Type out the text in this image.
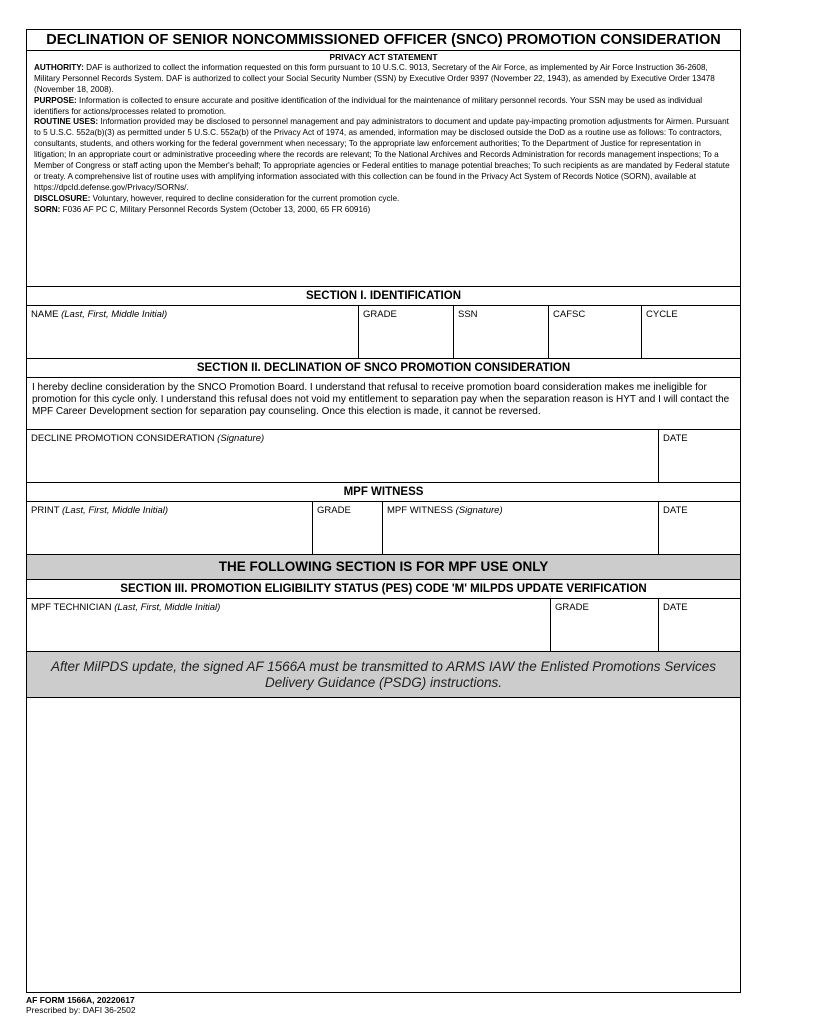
DECLINATION OF SENIOR NONCOMMISSIONED OFFICER (SNCO) PROMOTION CONSIDERATION
PRIVACY ACT STATEMENT
AUTHORITY: DAF is authorized to collect the information requested on this form pursuant to 10 U.S.C. 9013, Secretary of the Air Force, as implemented by Air Force Instruction 36-2608, Military Personnel Records System. DAF is authorized to collect your Social Security Number (SSN) by Executive Order 9397 (November 22, 1943), as amended by Executive Order 13478 (November 18, 2008).
PURPOSE: Information is collected to ensure accurate and positive identification of the individual for the maintenance of military personnel records. Your SSN may be used as individual identifiers for actions/processes related to promotion.
ROUTINE USES: Information provided may be disclosed to personnel management and pay administrators to document and update pay-impacting promotion adjustments for Airmen. Pursuant to 5 U.S.C. 552a(b)(3) as permitted under 5 U.S.C. 552a(b) of the Privacy Act of 1974, as amended, information may be disclosed outside the DoD as a routine use as follows: To contractors, consultants, students, and others working for the federal government when necessary; To the appropriate law enforcement authorities; To the Department of Justice for representation in litigation; In an appropriate court or administrative proceeding where the records are relevant; To the National Archives and Records Administration for records management inspections; To a Member of Congress or staff acting upon the Member's behalf; To appropriate agencies or Federal entities to manage potential breaches; To such recipients as are mandated by Federal statute or treaty. A comprehensive list of routine uses with amplifying information associated with this collection can be found in the Privacy Act System of Records Notice (SORN), available at https://dpcld.defense.gov/Privacy/SORNs/.
DISCLOSURE: Voluntary, however, required to decline consideration for the current promotion cycle.
SORN: F036 AF PC C, Military Personnel Records System (October 13, 2000, 65 FR 60916)
SECTION I. IDENTIFICATION
NAME (Last, First, Middle Initial)	GRADE	SSN	CAFSC	CYCLE
SECTION II. DECLINATION OF SNCO PROMOTION CONSIDERATION
I hereby decline consideration by the SNCO Promotion Board. I understand that refusal to receive promotion board consideration makes me ineligible for promotion for this cycle only. I understand this refusal does not void my entitlement to separation pay when the separation reason is HYT and I will contact the MPF Career Development section for separation pay counseling. Once this election is made, it cannot be reversed.
DECLINE PROMOTION CONSIDERATION (Signature)	DATE
MPF WITNESS
PRINT (Last, First, Middle Initial)	GRADE	MPF WITNESS (Signature)	DATE
THE FOLLOWING SECTION IS FOR MPF USE ONLY
SECTION III. PROMOTION ELIGIBILITY STATUS (PES) CODE 'M' MILPDS UPDATE VERIFICATION
MPF TECHNICIAN (Last, First, Middle Initial)	GRADE	DATE
After MilPDS update, the signed AF 1566A must be transmitted to ARMS IAW the Enlisted Promotions Services Delivery Guidance (PSDG) instructions.
AF FORM 1566A, 20220617
Prescribed by: DAFI 36-2502
